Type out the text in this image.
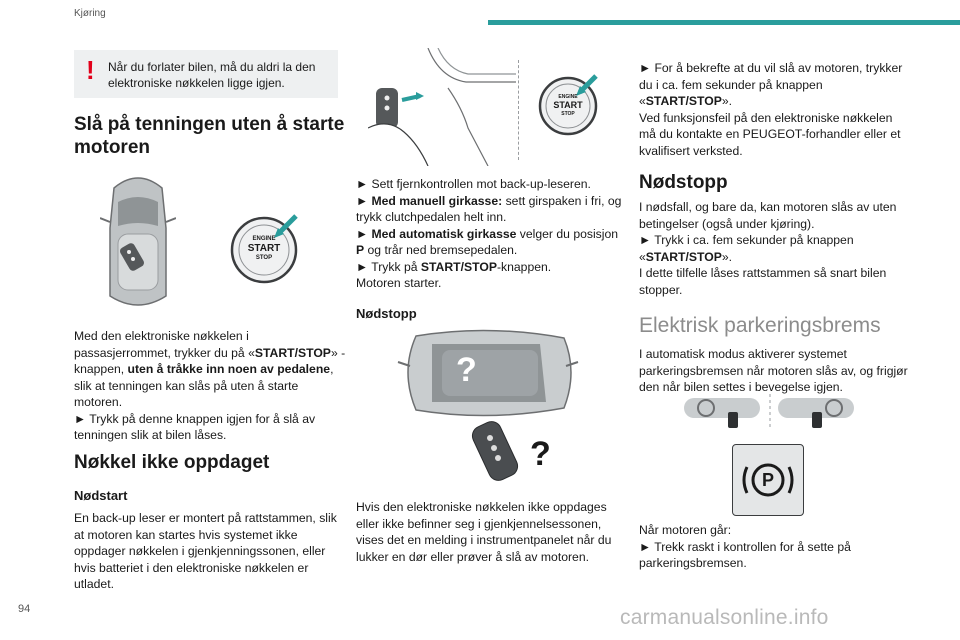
Kjøring
! Når du forlater bilen, må du aldri la den elektroniske nøkkelen ligge igjen.
Slå på tenningen uten å starte motoren
ENGINE
START
STOP

Med den elektroniske nøkkelen i passasjerrommet, trykker du på «START/STOP» -knappen, uten å tråkke inn noen av pedalene, slik at tenningen kan slås på uten å starte motoren.

► Trykk på denne knappen igjen for å slå av tenningen slik at bilen låses.

Nøkkel ikke oppdaget
Nødstart

En back-up leser er montert på rattstammen, slik at motoren kan startes hvis systemet ikke oppdager nøkkelen i gjenkjenningssonen, eller hvis batteriet i den elektroniske nøkkelen er utladet.

ENGINE
START
STOP

► Sett fjernkontrollen mot back-up-leseren.

► Med manuell girkasse: sett girspaken i fri, og trykk clutchpedalen helt inn.

► Med automatisk girkasse velger du posisjon P og trår ned bremsepedalen.

► Trykk på START/STOP-knappen.

Motoren starter.

Nødstopp
?
?

Hvis den elektroniske nøkkelen ikke oppdages eller ikke befinner seg i gjenkjennelsessonen, vises det en melding i instrumentpanelet når du lukker en dør eller prøver å slå av motoren.

► For å bekrefte at du vil slå av motoren, trykker du i ca. fem sekunder på knappen «START/STOP».

Ved funksjonsfeil på den elektroniske nøkkelen må du kontakte en PEUGEOT-forhandler eller et kvalifisert verksted.

Nødstopp

I nødsfall, og bare da, kan motoren slås av uten betingelser (også under kjøring).

► Trykk i ca. fem sekunder på knappen «START/STOP».

I dette tilfelle låses rattstammen så snart bilen stopper.

Elektrisk parkeringsbrems

I automatisk modus aktiverer systemet parkeringsbremsen når motoren slås av, og frigjør den når bilen settes i bevegelse igjen.

P

Når motoren går:

► Trekk raskt i kontrollen for å sette på parkeringsbremsen.

94	carmanualsonline.info
